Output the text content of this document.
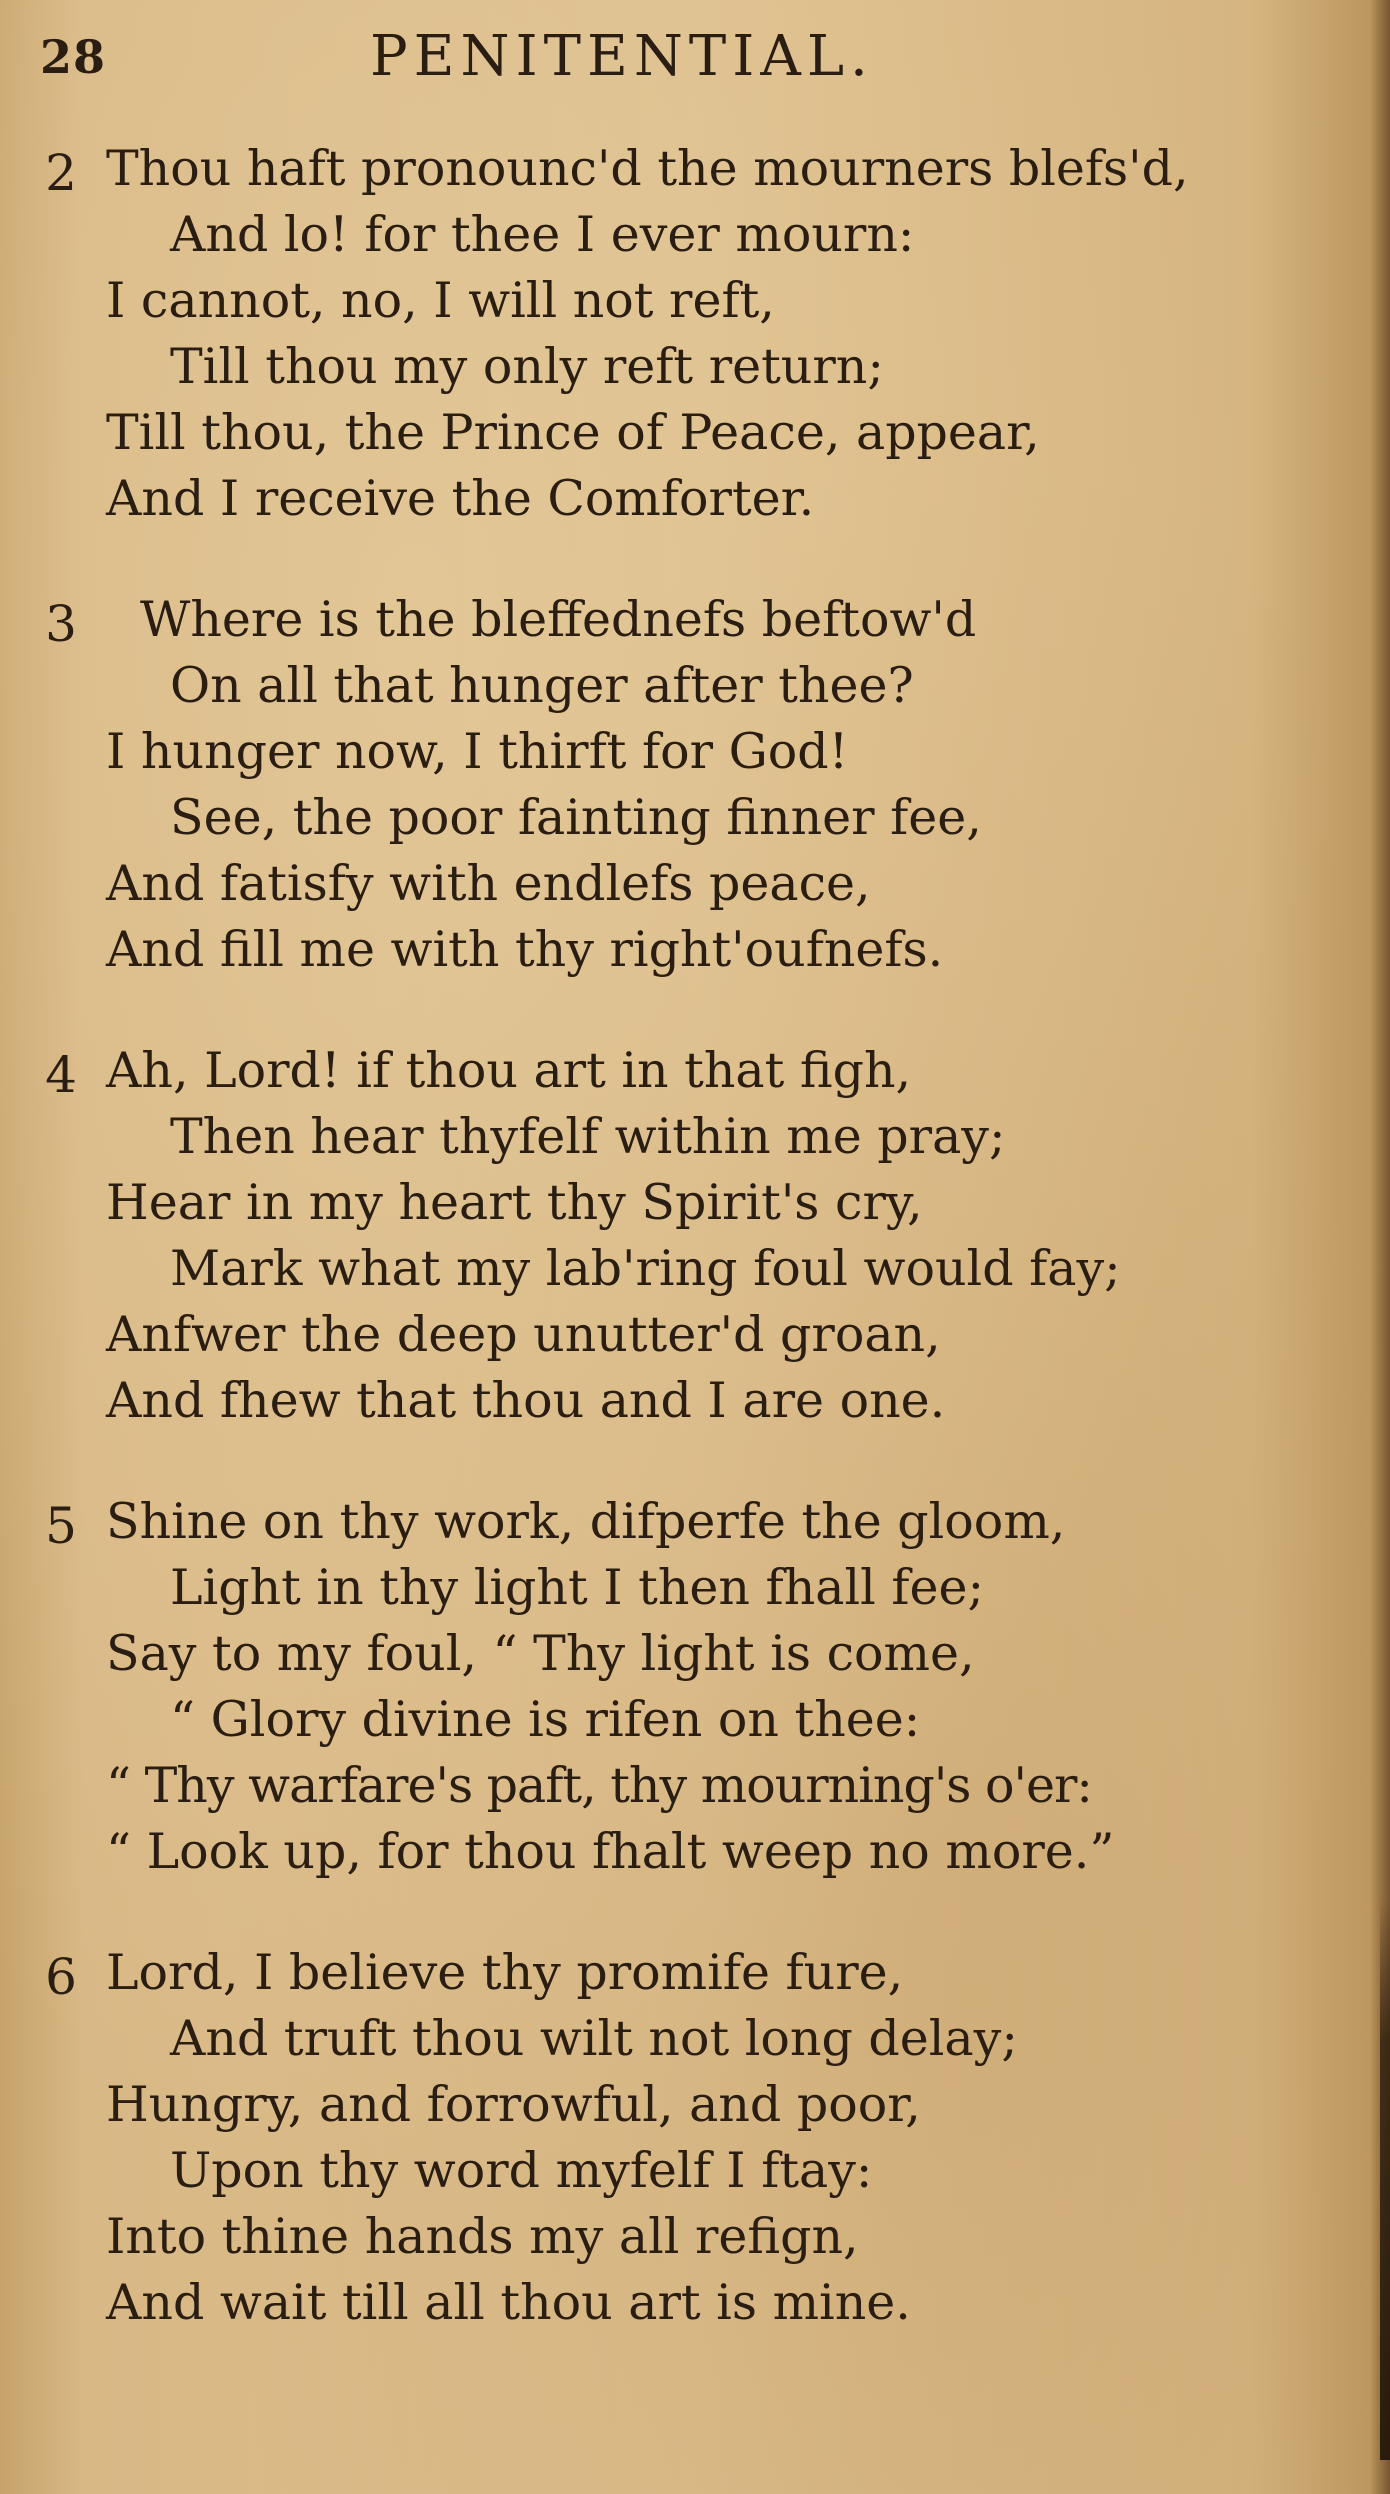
28	PENITENTIAL.
2 Thou haft pronounc'd the mourners blefs'd,
And lo! for thee I ever mourn:
I cannot, no, I will not reft,
Till thou my only reft return;
Till thou, the Prince of Peace, appear,
And I receive the Comforter.
3 Where is the bleffednefs beftow'd
On all that hunger after thee?
I hunger now, I thirft for God!
See, the poor fainting finner fee,
And fatisfy with endlefs peace,
And fill me with thy right'oufnefs.
4 Ah, Lord! if thou art in that figh,
Then hear thyfelf within me pray;
Hear in my heart thy Spirit's cry,
Mark what my lab'ring foul would fay;
Anfwer the deep unutter'd groan,
And fhew that thou and I are one.
5 Shine on thy work, difperfe the gloom,
Light in thy light I then fhall fee;
Say to my foul, “ Thy light is come,
“ Glory divine is rifen on thee:
“ Thy warfare's paft, thy mourning's o'er:
“ Look up, for thou fhalt weep no more.”
6 Lord, I believe thy promife fure,
And truft thou wilt not long delay;
Hungry, and forrowful, and poor,
Upon thy word myfelf I ftay:
Into thine hands my all refign,
And wait till all thou art is mine.
